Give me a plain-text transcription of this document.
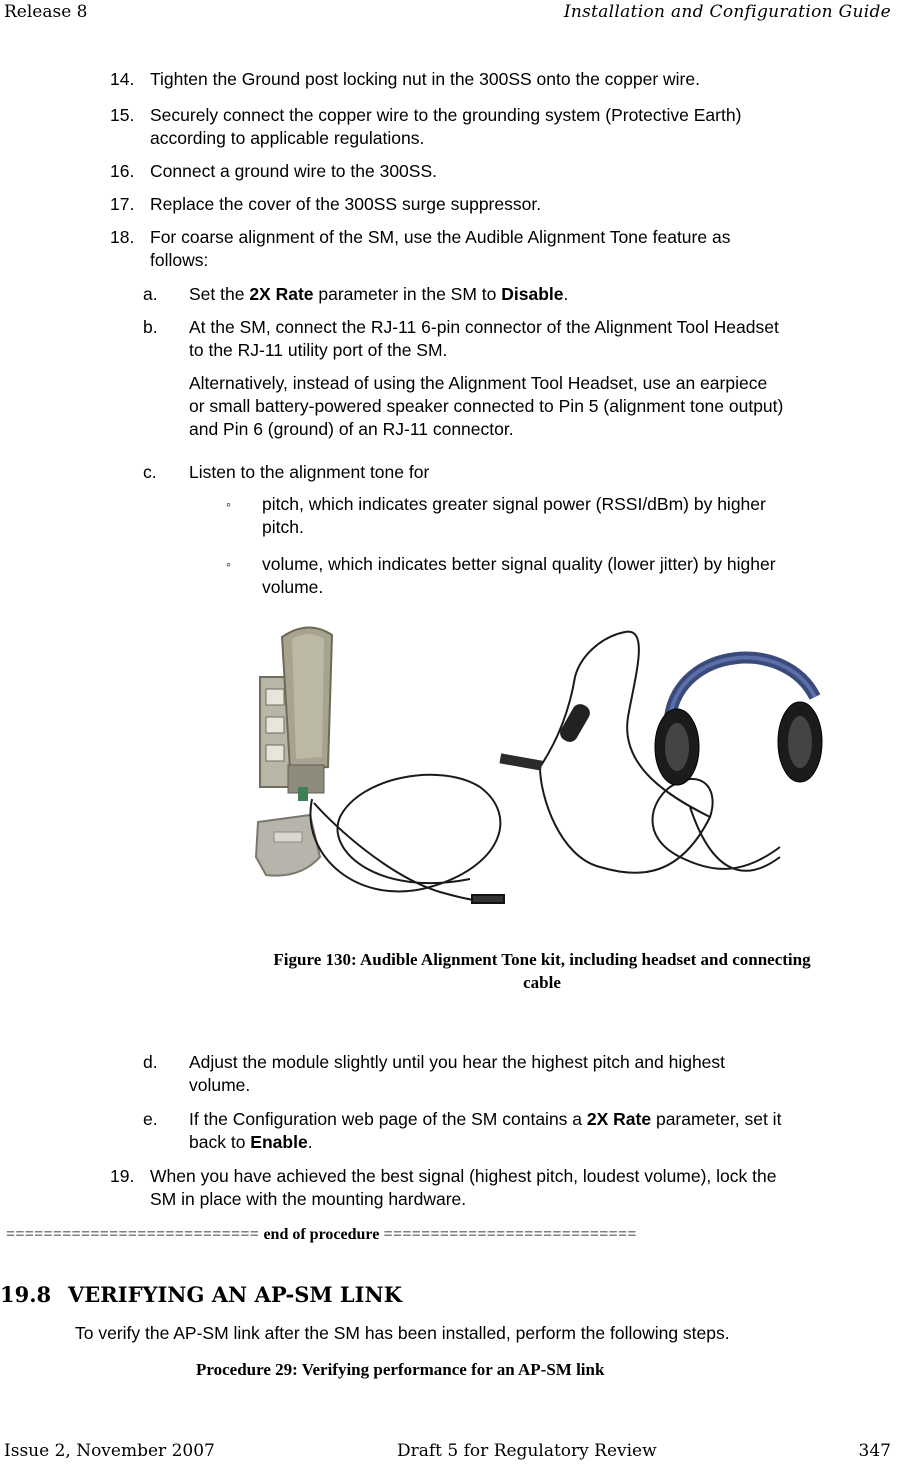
Release 8	Installation and Configuration Guide
14. Tighten the Ground post locking nut in the 300SS onto the copper wire.
15. Securely connect the copper wire to the grounding system (Protective Earth)
according to applicable regulations.
16. Connect a ground wire to the 300SS.
17. Replace the cover of the 300SS surge suppressor.
18. For coarse alignment of the SM, use the Audible Alignment Tone feature as
follows:
a. Set the 2X Rate parameter in the SM to Disable.
b. At the SM, connect the RJ-11 6-pin connector of the Alignment Tool Headset
to the RJ-11 utility port of the SM.
Alternatively, instead of using the Alignment Tool Headset, use an earpiece
or small battery-powered speaker connected to Pin 5 (alignment tone output)
and Pin 6 (ground) of an RJ-11 connector.
c. Listen to the alignment tone for
◦ pitch, which indicates greater signal power (RSSI/dBm) by higher
pitch.
◦ volume, which indicates better signal quality (lower jitter) by higher
volume.
Figure 130: Audible Alignment Tone kit, including headset and connecting
cable
d. Adjust the module slightly until you hear the highest pitch and highest
volume.
e. If the Configuration web page of the SM contains a 2X Rate parameter, set it
back to Enable.
19. When you have achieved the best signal (highest pitch, loudest volume), lock the
SM in place with the mounting hardware.
=========================== end of procedure ===========================
19.8 VERIFYING AN AP-SM LINK
To verify the AP-SM link after the SM has been installed, perform the following steps.
Procedure 29: Verifying performance for an AP-SM link
Issue 2, November 2007	Draft 5 for Regulatory Review	347
